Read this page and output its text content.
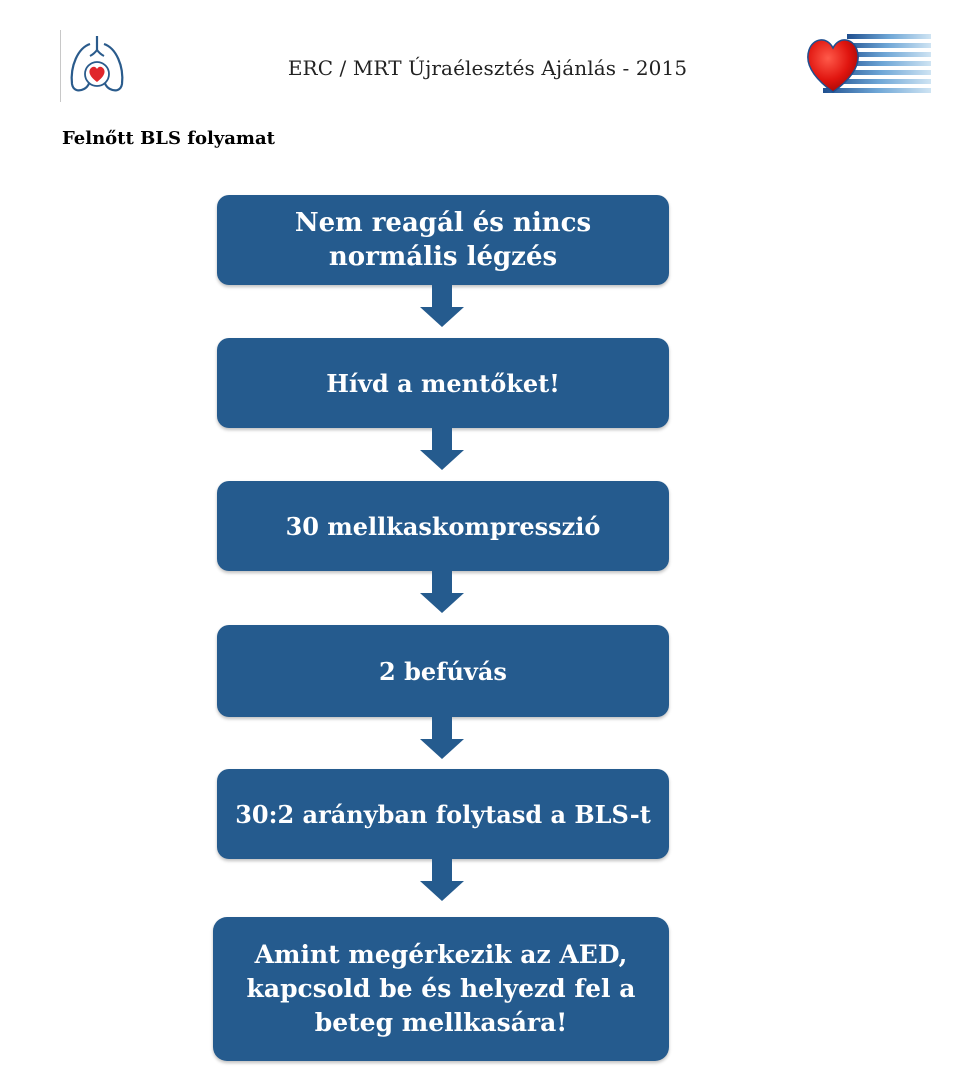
ERC / MRT Újraélesztés Ajánlás - 2015
Felnőtt BLS folyamat
Nem reagál és nincs
normális légzés
Hívd a mentőket!
30 mellkaskompresszió
2 befúvás
30:2 arányban folytasd a BLS-t
Amint megérkezik az AED,
kapcsold be és helyezd fel a
beteg mellkasára!
